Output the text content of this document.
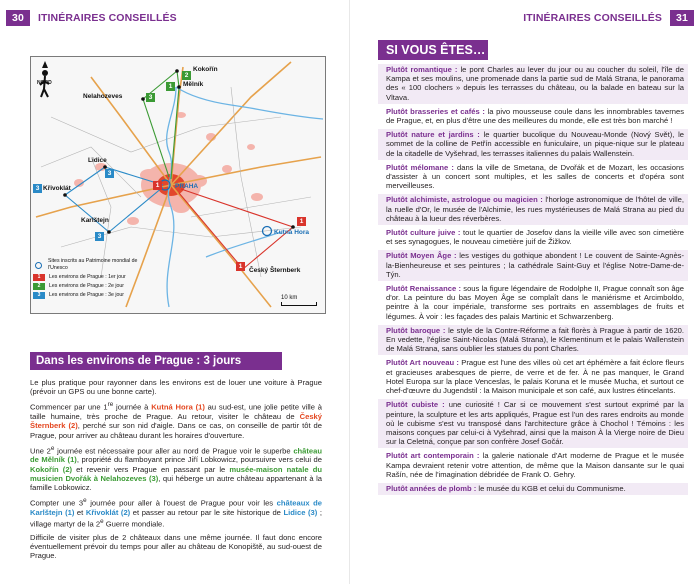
30	ITINÉRAIRES CONSEILLÉS
NORD
2
Kokořín
1	Mělník
Nelahozeves	3
Lidice
3
3 Křivoklát	PRAHA
1
Karlštejn
3
1
Kutná Hora
1
Český Šternberk
Sites inscrits au Patrimoine mondial de l'Unesco
1	Les environs de Prague : 1er jour
2	Les environs de Prague : 2e jour
3	Les environs de Prague : 3e jour	10 km
Dans les environs de Prague : 3 jours

Le plus pratique pour rayonner dans les environs est de louer une voiture à Prague (prévoir un GPS ou une bonne carte).

Commencer par une 1re journée à Kutná Hora (1) au sud-est, une jolie petite ville à taille humaine, très proche de Prague. Au retour, visiter le château de Český Šternberk (2), perché sur son nid d'aigle. Dans ce cas, on conseille de partir tôt de Prague, pour arriver au château durant les horaires d'ouverture.

Une 2e journée est nécessaire pour aller au nord de Prague voir le superbe château de Mělník (1), propriété du flamboyant prince Jiří Lobkowicz, poursuivre vers celui de Kokořín (2) et revenir vers Prague en passant par le musée-maison natale du musicien Dvořák à Nelahozeves (3), qui héberge un autre château appartenant à la famille Lobkowicz.

Compter une 3e journée pour aller à l'ouest de Prague pour voir les châteaux de Karlštejn (1) et Křivoklát (2) et passer au retour par le site historique de Lidice (3) ; village martyr de la 2e Guerre mondiale.

Difficile de visiter plus de 2 châteaux dans une même journée. Il faut donc encore éventuellement prévoir du temps pour aller au château de Konopiště, au sud-ouest de Prague.

ITINÉRAIRES CONSEILLÉS	31
SI VOUS ÊTES…
Plutôt romantique : le pont Charles au lever du jour ou au coucher du soleil, l'île de Kampa et ses moulins, une promenade dans la partie sud de Malá Strana, le panorama des « 100 clochers » depuis les terrasses du château, ou la balade en bateau sur la Vltava.
Plutôt brasseries et cafés : la pivo mousseuse coule dans les innombrables tavernes de Prague, et, en plus d'être une des meilleures du monde, elle est très bon marché !
Plutôt nature et jardins : le quartier bucolique du Nouveau-Monde (Nový Svět), le sommet de la colline de Petřín accessible en funiculaire, un pique-nique sur le plateau de la citadelle de Vyšehrad, les terrasses italiennes du palais Wallenstein.
Plutôt mélomane : dans la ville de Smetana, de Dvořák et de Mozart, les occasions d'assister à un concert sont multiples, et les salles de concerts et d'opéra sont merveilleuses.
Plutôt alchimiste, astrologue ou magicien : l'horloge astronomique de l'hôtel de ville, la ruelle d'Or, le musée de l'Alchimie, les rues mystérieuses de Malá Strana au pied du château à la lueur des réverbères.
Plutôt culture juive : tout le quartier de Josefov dans la vieille ville avec son cimetière et ses synagogues, le nouveau cimetière juif de Žižkov.
Plutôt Moyen Âge : les vestiges du gothique abondent ! Le couvent de Sainte-Agnès-la-Bienheureuse et ses peintures ; la cathédrale Saint-Guy et l'église Notre-Dame-de-Týn.
Plutôt Renaissance : sous la figure légendaire de Rodolphe II, Prague connaît son âge d'or. La peinture du bas Moyen Âge se complaît dans le maniérisme et Arcimboldo, peintre à la cour impériale, transforme ses portraits en assemblages de fruits et légumes. À voir : les façades des palais Martinic et Schwarzenberg.
Plutôt baroque : le style de la Contre-Réforme a fait florès à Prague à partir de 1620. En vedette, l'église Saint-Nicolas (Malá Strana), le Klementinum et le palais Wallenstein de Malá Strana, sans oublier les statues du pont Charles.
Plutôt Art nouveau : Prague est l'une des villes où cet art éphémère a fait éclore fleurs et gracieuses arabesques de pierre, de verre et de fer. À ne pas manquer, le Grand Hotel Europa sur la place Venceslas, le palais Koruna et le musée Mucha, et surtout ce chef-d'œuvre du Jugendstil : la Maison municipale et son café, aux lustres étincelants.
Plutôt cubiste : une curiosité ! Car si ce mouvement s'est surtout exprimé par la peinture, la sculpture et les arts appliqués, Prague est l'un des rares endroits au monde où le cubisme s'est vu transposé dans l'architecture grâce à Chochol ! Témoins : les maisons conçues par celui-ci à Vyšehrad, ainsi que la maison À la Vierge noire de Dieu sur la Celetná, conçue par son confrère Josef Gočár.
Plutôt art contemporain : la galerie nationale d'Art moderne de Prague et le musée Kampa devraient retenir votre attention, de même que la Maison dansante sur le quai Rašín, née de l'imagination débridée de Frank O. Gehry.
Plutôt années de plomb : le musée du KGB et celui du Communisme.
